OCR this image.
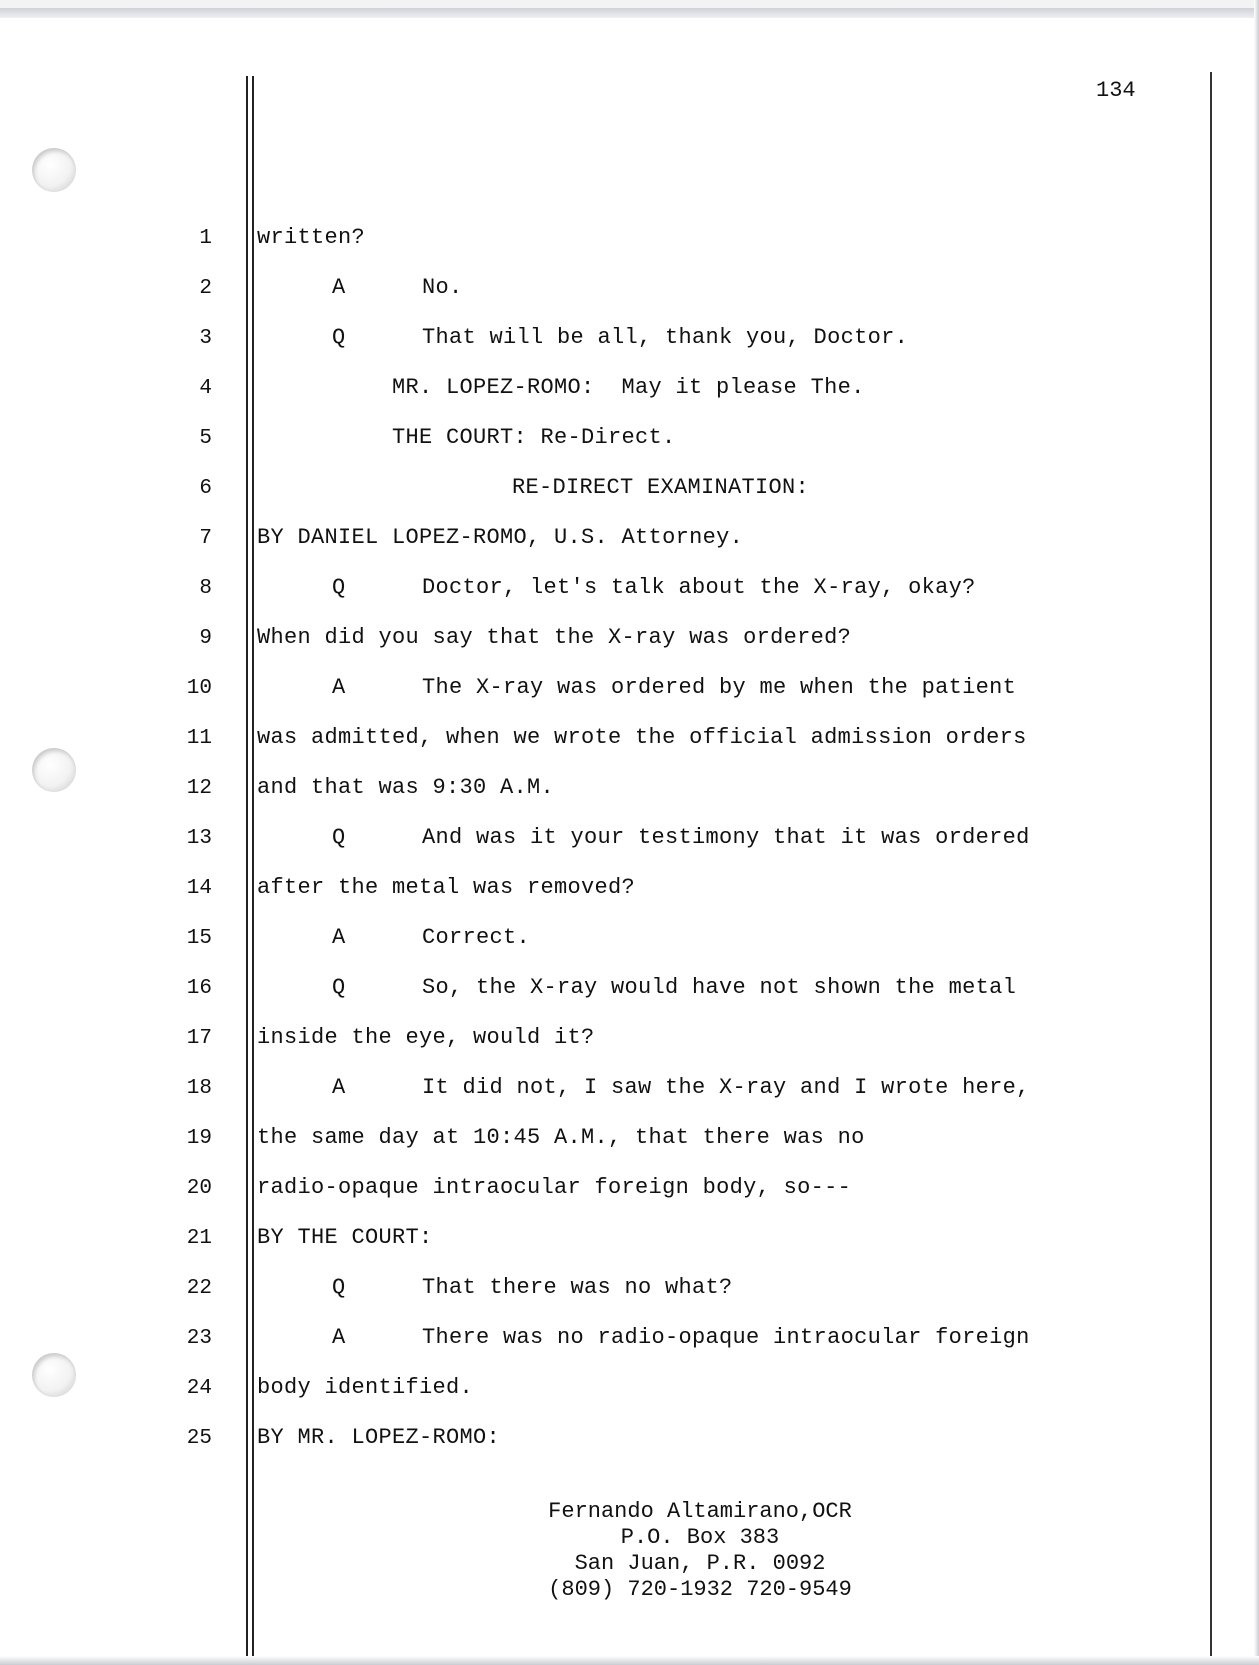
134
1
2
3
4
5
6
7
8
9
10
11
12
13
14
15
16
17
18
19
20
21
22
23
24
25
A
Q
Q
A
Q
A
Q
A
Q
A
written?
No.
That will be all, thank you, Doctor.
MR. LOPEZ-ROMO:  May it please The.
THE COURT: Re-Direct.
RE-DIRECT EXAMINATION:
BY DANIEL LOPEZ-ROMO, U.S. Attorney.
Doctor, let's talk about the X-ray, okay?
When did you say that the X-ray was ordered?
The X-ray was ordered by me when the patient
was admitted, when we wrote the official admission orders
and that was 9:30 A.M.
And was it your testimony that it was ordered
after the metal was removed?
Correct.
So, the X-ray would have not shown the metal
inside the eye, would it?
It did not, I saw the X-ray and I wrote here,
the same day at 10:45 A.M., that there was no
radio-opaque intraocular foreign body, so---
BY THE COURT:
That there was no what?
There was no radio-opaque intraocular foreign
body identified.
BY MR. LOPEZ-ROMO:
Fernando Altamirano,OCR
P.O. Box 383
San Juan, P.R. 0092
(809) 720-1932 720-9549
